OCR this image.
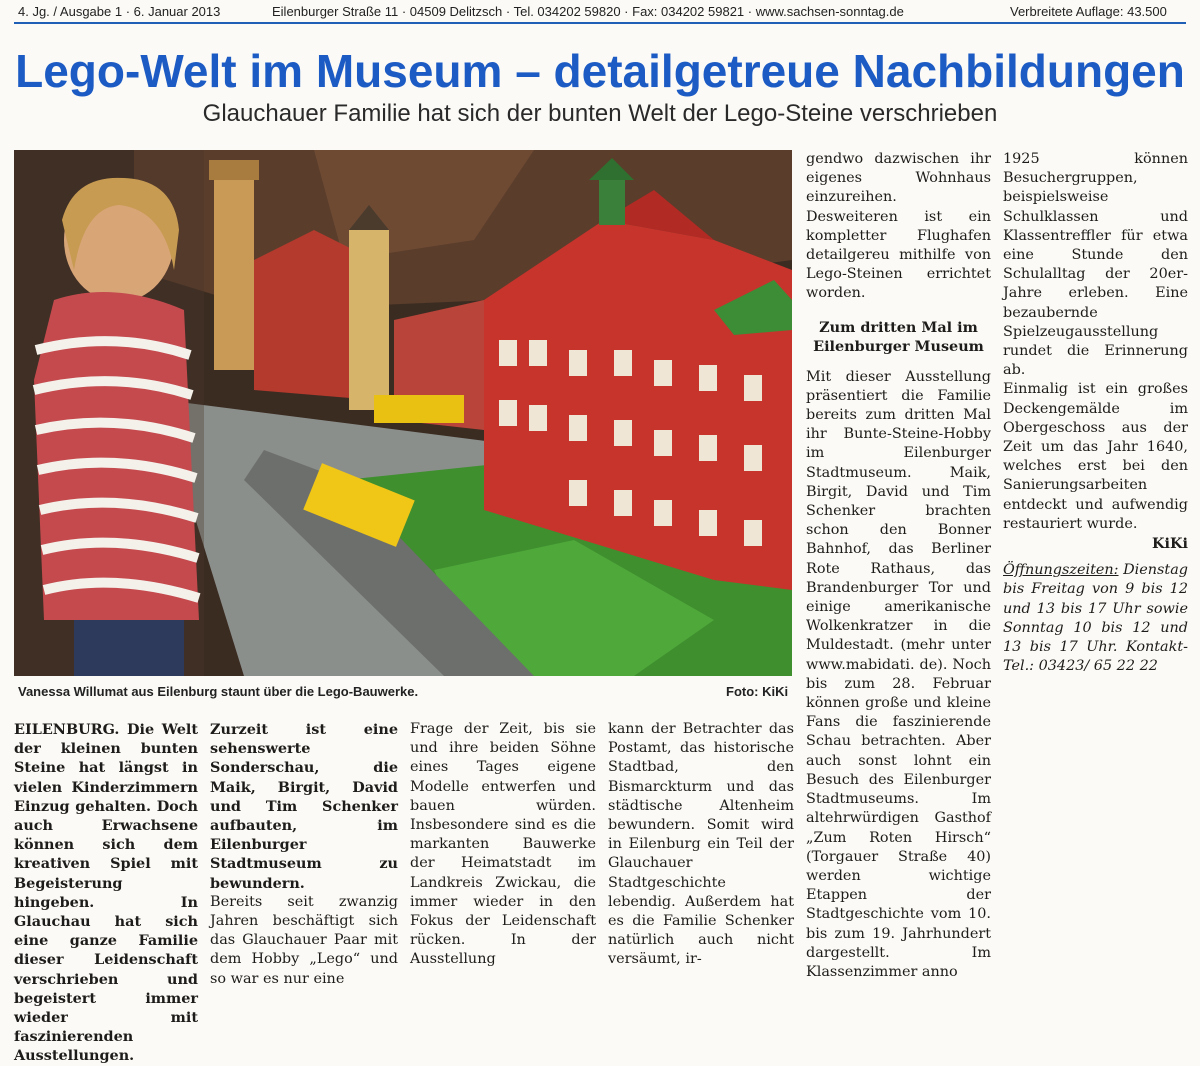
4. Jg. / Ausgabe 1 · 6. Januar 2013	Eilenburger Straße 11 · 04509 Delitzsch · Tel. 034202 59820 · Fax: 034202 59821 · www.sachsen-sonntag.de	Verbreitete Auflage: 43.500
Lego-Welt im Museum – detailgetreue Nachbildungen
Glauchauer Familie hat sich der bunten Welt der Lego-Steine verschrieben
Vanessa Willumat aus Eilenburg staunt über die Lego-Bauwerke.	Foto: KiKi

EILENBURG. Die Welt der kleinen bunten Steine hat längst in vielen Kinderzimmern Einzug gehalten. Doch auch Erwachsene können sich dem kreativen Spiel mit Begeisterung hingeben. In Glauchau hat sich eine ganze Familie dieser Leidenschaft verschrieben und begeistert immer wieder mit faszinierenden Ausstellungen.

Zurzeit ist eine sehenswerte Sonderschau, die Maik, Birgit, David und Tim Schenker aufbauten, im Eilenburger Stadtmuseum zu bewundern.

Bereits seit zwanzig Jahren beschäftigt sich das Glauchauer Paar mit dem Hobby „Lego“ und so war es nur eine

Frage der Zeit, bis sie und ihre beiden Söhne eines Tages eigene Modelle entwerfen und bauen würden. Insbesondere sind es die markanten Bauwerke der Heimatstadt im Landkreis Zwickau, die immer wieder in den Fokus der Leidenschaft rücken. In der Ausstellung

kann der Betrachter das Postamt, das historische Stadtbad, den Bismarckturm und das städtische Altenheim bewundern. Somit wird in Eilenburg ein Teil der Glauchauer Stadtgeschichte lebendig. Außerdem hat es die Familie Schenker natürlich auch nicht versäumt, ir-

gendwo dazwischen ihr eigenes Wohnhaus einzureihen. Desweiteren ist ein kompletter Flughafen detailgereu mithilfe von Lego-Steinen errichtet worden.

Zum dritten Mal im Eilenburger Museum

Mit dieser Ausstellung präsentiert die Familie bereits zum dritten Mal ihr Bunte-Steine-Hobby im Eilenburger Stadtmuseum. Maik, Birgit, David und Tim Schenker brachten schon den Bonner Bahnhof, das Berliner Rote Rathaus, das Brandenburger Tor und einige amerikanische Wolkenkratzer in die Muldestadt. (mehr unter www.mabidati. de). Noch bis zum 28. Februar können große und kleine Fans die faszinierende Schau betrachten. Aber auch sonst lohnt ein Besuch des Eilenburger Stadtmuseums. Im altehrwürdigen Gasthof „Zum Roten Hirsch“ (Torgauer Straße 40) werden wichtige Etappen der Stadtgeschichte vom 10. bis zum 19. Jahrhundert dargestellt. Im Klassenzimmer anno

1925 können Besuchergruppen, beispielsweise Schulklassen und Klassentreffler für etwa eine Stunde den Schulalltag der 20er-Jahre erleben. Eine bezaubernde Spielzeugausstellung rundet die Erinnerung ab.

Einmalig ist ein großes Deckengemälde im Obergeschoss aus der Zeit um das Jahr 1640, welches erst bei den Sanierungsarbeiten entdeckt und aufwendig restauriert wurde.

KiKi

Öffnungszeiten: Dienstag bis Freitag von 9 bis 12 und 13 bis 17 Uhr sowie Sonntag 10 bis 12 und 13 bis 17 Uhr. Kontakt-Tel.: 03423/ 65 22 22
